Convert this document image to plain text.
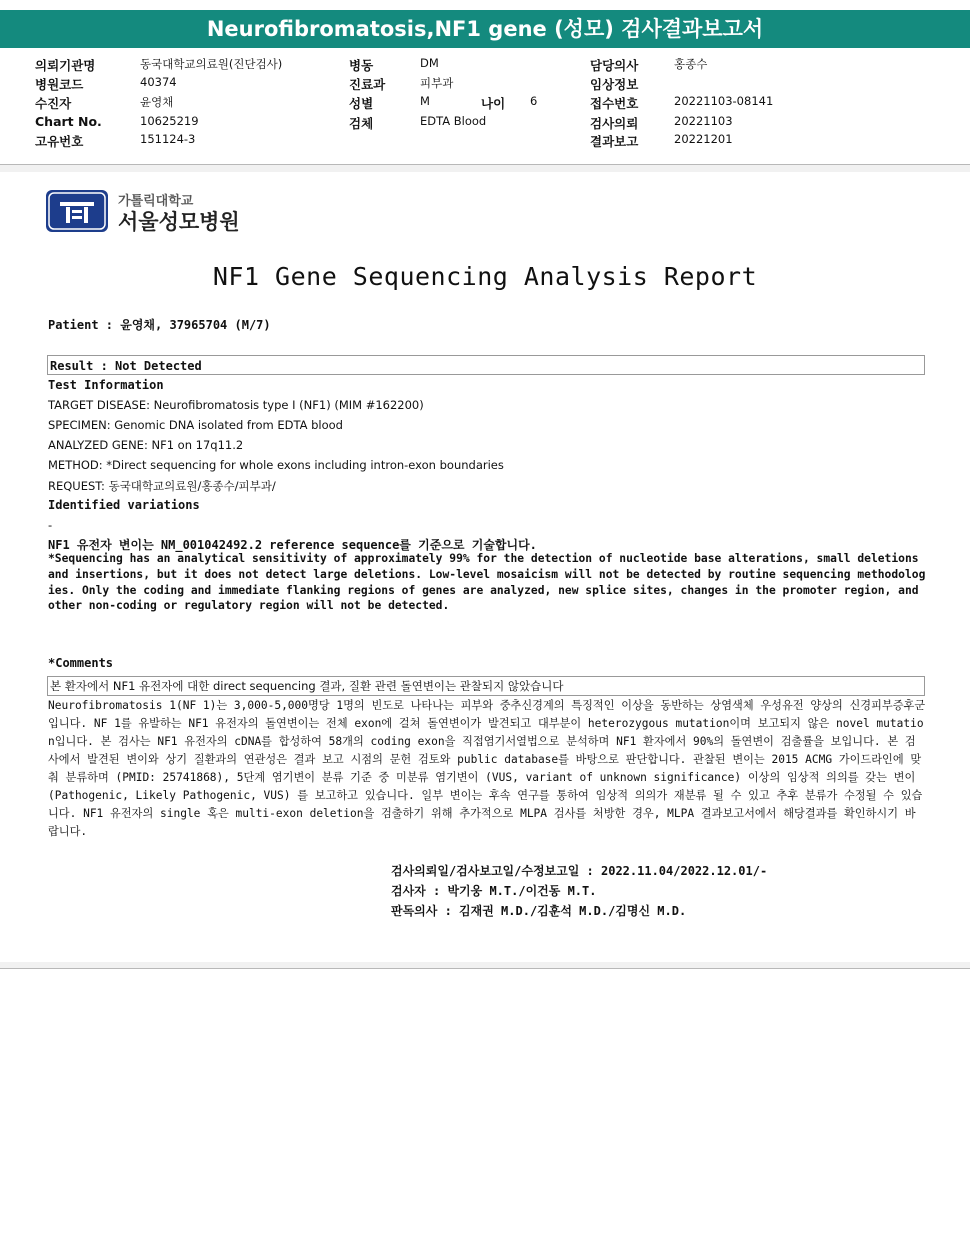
Neurofibromatosis,NF1 gene (성모) 검사결과보고서
의뢰기관명	동국대학교의료원(진단검사)	병동	DM	담당의사	홍종수
병원코드	40374	진료과	피부과	임상정보
수진자	윤영채	성별	M	나이 6	접수번호	20221103-08141
Chart No.	10625219	검체	EDTA Blood	검사의뢰	20221103
고유번호	151124-3	결과보고	20221201
가톨릭대학교
서울성모병원
NF1 Gene Sequencing Analysis Report
Patient : 윤영채, 37965704 (M/7)
Result : Not Detected
Test Information
TARGET DISEASE: Neurofibromatosis type I (NF1) (MIM #162200)
SPECIMEN: Genomic DNA isolated from EDTA blood
ANALYZED GENE: NF1 on 17q11.2
METHOD: *Direct sequencing for whole exons including intron-exon boundaries
REQUEST: 동국대학교의료원/홍종수/피부과/
Identified variations
-
NF1 유전자 변이는 NM_001042492.2 reference sequence를 기준으로 기술합니다.
*Sequencing has an analytical sensitivity of approximately 99% for the detection of nucleotide base alterations, small deletions and insertions, but it does not detect large deletions. Low-level mosaicism will not be detected by routine sequencing methodologies. Only the coding and immediate flanking regions of genes are analyzed, new splice sites, changes in the promoter region, and other non-coding or regulatory region will not be detected.
*Comments
본 환자에서 NF1 유전자에 대한 direct sequencing 결과, 질환 관련 돌연변이는 관찰되지 않았습니다
Neurofibromatosis 1(NF 1)는 3,000-5,000명당 1명의 빈도로 나타나는 피부와 중추신경계의 특징적인 이상을 동반하는 상염색체 우성유전 양상의 신경피부증후군입니다. NF 1를 유발하는 NF1 유전자의 돌연변이는 전체 exon에 걸쳐 돌연변이가 발견되고 대부분이 heterozygous mutation이며 보고되지 않은 novel mutation입니다. 본 검사는 NF1 유전자의 cDNA를 합성하여 58개의 coding exon을 직접염기서열법으로 분석하며 NF1 환자에서 90%의 돌연변이 검출률을 보입니다. 본 검사에서 발견된 변이와 상기 질환과의 연관성은 결과 보고 시점의 문헌 검토와 public database를 바탕으로 판단합니다. 관찰된 변이는 2015 ACMG 가이드라인에 맞춰 분류하며 (PMID: 25741868), 5단계 염기변이 분류 기준 중 미분류 염기변이 (VUS, variant of unknown significance) 이상의 임상적 의의를 갖는 변이 (Pathogenic, Likely Pathogenic, VUS) 를 보고하고 있습니다. 일부 변이는 후속 연구를 통하여 임상적 의의가 재분류 될 수 있고 추후 분류가 수정될 수 있습니다. NF1 유전자의 single 혹은 multi-exon deletion을 검출하기 위해 추가적으로 MLPA 검사를 처방한 경우, MLPA 결과보고서에서 해당결과를 확인하시기 바랍니다.
검사의뢰일/검사보고일/수정보고일 : 2022.11.04/2022.12.01/-
검사자 : 박기웅 M.T./이건동 M.T.
판독의사 : 김재권 M.D./김훈석 M.D./김명신 M.D.
